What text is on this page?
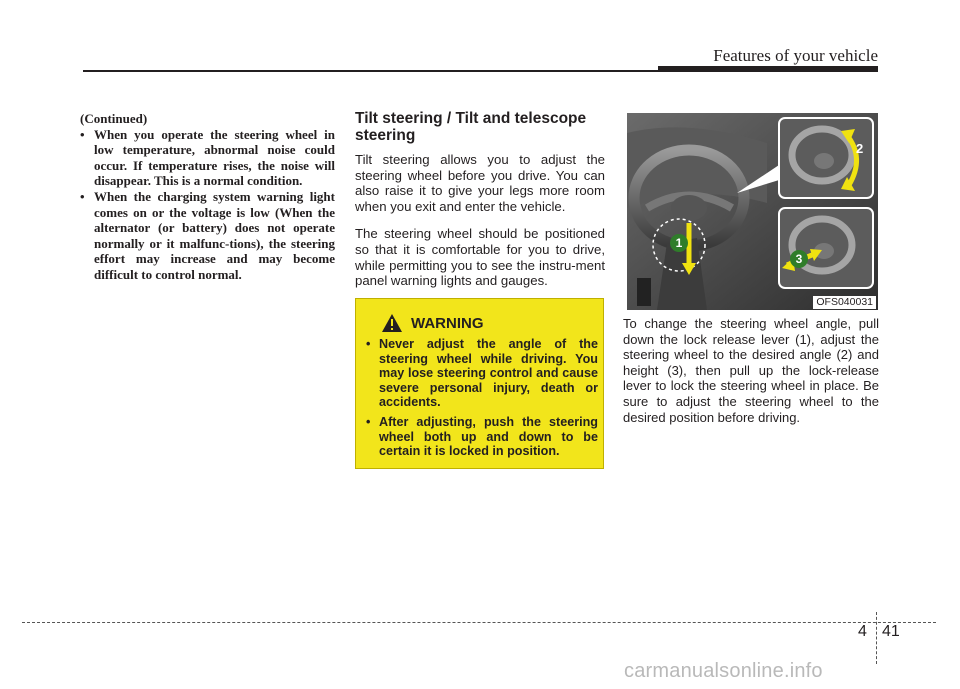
Features of your vehicle

(Continued)

• When you operate the steering wheel in low temperature, abnormal noise could occur. If temperature rises, the noise will disappear. This is a normal condition.
• When the charging system warning light comes on or the voltage is low (When the alternator (or battery) does not operate normally or it malfunc-tions), the steering effort may increase and may become difficult to control normal.
Tilt steering / Tilt and telescope steering

Tilt steering allows you to adjust the steering wheel before you drive. You can also raise it to give your legs more room when you exit and enter the vehicle.

The steering wheel should be positioned so that it is comfortable for you to drive, while permitting you to see the instru-ment panel warning lights and gauges.

WARNING
• Never adjust the angle of the steering wheel while driving. You may lose steering control and cause severe personal injury, death or accidents.
• After adjusting, push the steering wheel both up and down to be certain it is locked in position.
1
2
3
OFS040031

To change the steering wheel angle, pull down the lock release lever (1), adjust the steering wheel to the desired angle (2) and height (3), then pull up the lock-release lever to lock the steering wheel in place. Be sure to adjust the steering wheel to the desired position before driving.

4 41
carmanualsonline.info
